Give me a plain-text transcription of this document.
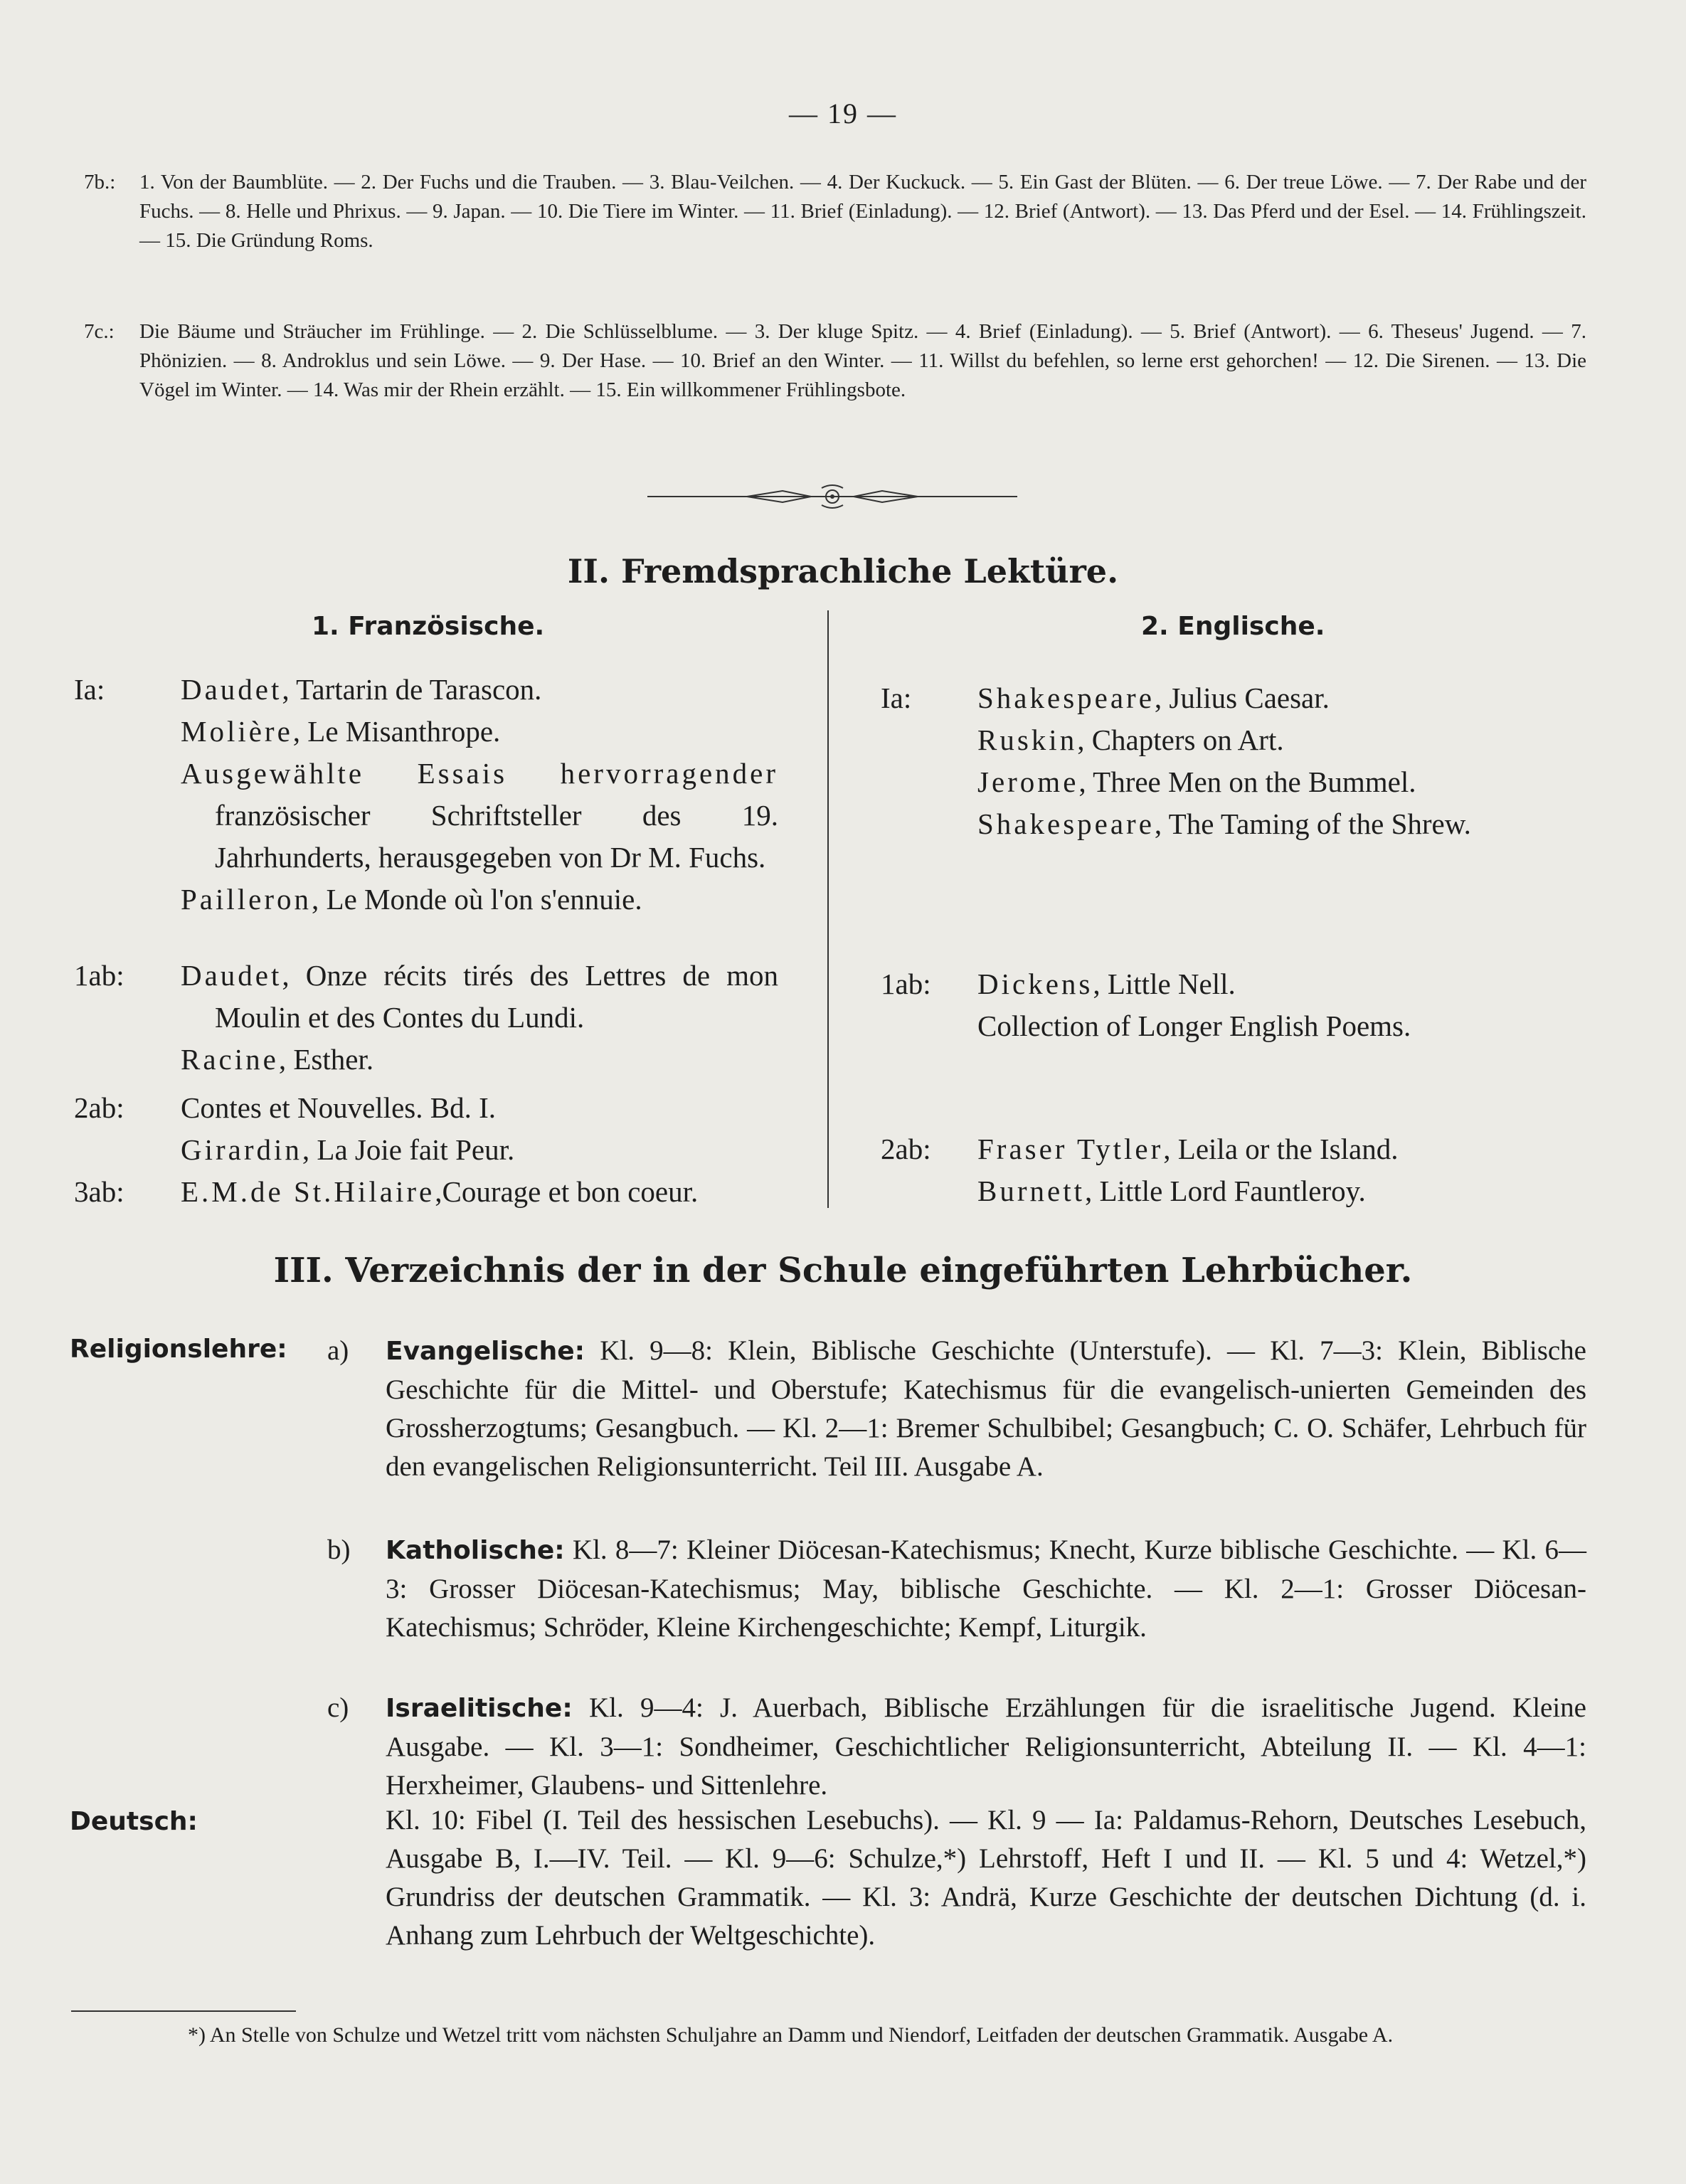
— 19 —
7b.: 1. Von der Baumblüte. — 2. Der Fuchs und die Trauben. — 3. Blau-Veilchen. — 4. Der Kuckuck. — 5. Ein Gast der Blüten. — 6. Der treue Löwe. — 7. Der Rabe und der Fuchs. — 8. Helle und Phrixus. — 9. Japan. — 10. Die Tiere im Winter. — 11. Brief (Einladung). — 12. Brief (Antwort). — 13. Das Pferd und der Esel. — 14. Frühlingszeit. — 15. Die Gründung Roms.
7c.: Die Bäume und Sträucher im Frühlinge. — 2. Die Schlüsselblume. — 3. Der kluge Spitz. — 4. Brief (Einladung). — 5. Brief (Antwort). — 6. Theseus' Jugend. — 7. Phönizien. — 8. Androklus und sein Löwe. — 9. Der Hase. — 10. Brief an den Winter. — 11. Willst du befehlen, so lerne erst gehorchen! — 12. Die Sirenen. — 13. Die Vögel im Winter. — 14. Was mir der Rhein erzählt. — 15. Ein willkommener Frühlingsbote.
II. Fremdsprachliche Lektüre.
1. Französische.	2. Englische.
Ia:	Daudet, Tartarin de Tarascon.
Molière, Le Misanthrope.
Ausgewählte Essais hervorragender französischer Schriftsteller des 19. Jahrhunderts, herausgegeben von Dr M. Fuchs.
Pailleron, Le Monde où l'on s'ennuie.
1ab: Daudet, Onze récits tirés des Lettres de mon Moulin et des Contes du Lundi.
Racine, Esther.
2ab: Contes et Nouvelles. Bd. I.
Girardin, La Joie fait Peur.
3ab: E.M.de St.Hilaire,Courage et bon coeur.
Ia: Shakespeare, Julius Caesar.
Ruskin, Chapters on Art.
Jerome, Three Men on the Bummel.
Shakespeare, The Taming of the Shrew.
1ab: Dickens, Little Nell.
Collection of Longer English Poems.
2ab: Fraser Tytler, Leila or the Island.
Burnett, Little Lord Fauntleroy.
III. Verzeichnis der in der Schule eingeführten Lehrbücher.
Religionslehre: a) Evangelische: Kl. 9—8: Klein, Biblische Geschichte (Unterstufe). — Kl. 7—3: Klein, Biblische Geschichte für die Mittel- und Oberstufe; Katechismus für die evangelisch-unierten Gemeinden des Grossherzogtums; Gesangbuch. — Kl. 2—1: Bremer Schulbibel; Gesangbuch; C. O. Schäfer, Lehrbuch für den evangelischen Religionsunterricht. Teil III. Ausgabe A.
b) Katholische: Kl. 8—7: Kleiner Diöcesan-Katechismus; Knecht, Kurze biblische Geschichte. — Kl. 6—3: Grosser Diöcesan-Katechismus; May, biblische Geschichte. — Kl. 2—1: Grosser Diöcesan-Katechismus; Schröder, Kleine Kirchengeschichte; Kempf, Liturgik.
c) Israelitische: Kl. 9—4: J. Auerbach, Biblische Erzählungen für die israelitische Jugend. Kleine Ausgabe. — Kl. 3—1: Sondheimer, Geschichtlicher Religionsunterricht, Abteilung II. — Kl. 4—1: Herxheimer, Glaubens- und Sittenlehre.
Deutsch:	Kl. 10: Fibel (I. Teil des hessischen Lesebuchs). — Kl. 9 — Ia: Paldamus-Rehorn, Deutsches Lesebuch, Ausgabe B, I.—IV. Teil. — Kl. 9—6: Schulze,*) Lehrstoff, Heft I und II. — Kl. 5 und 4: Wetzel,*) Grundriss der deutschen Grammatik. — Kl. 3: Andrä, Kurze Geschichte der deutschen Dichtung (d. i. Anhang zum Lehrbuch der Weltgeschichte).
*) An Stelle von Schulze und Wetzel tritt vom nächsten Schuljahre an Damm und Niendorf, Leitfaden der deutschen Grammatik. Ausgabe A.
